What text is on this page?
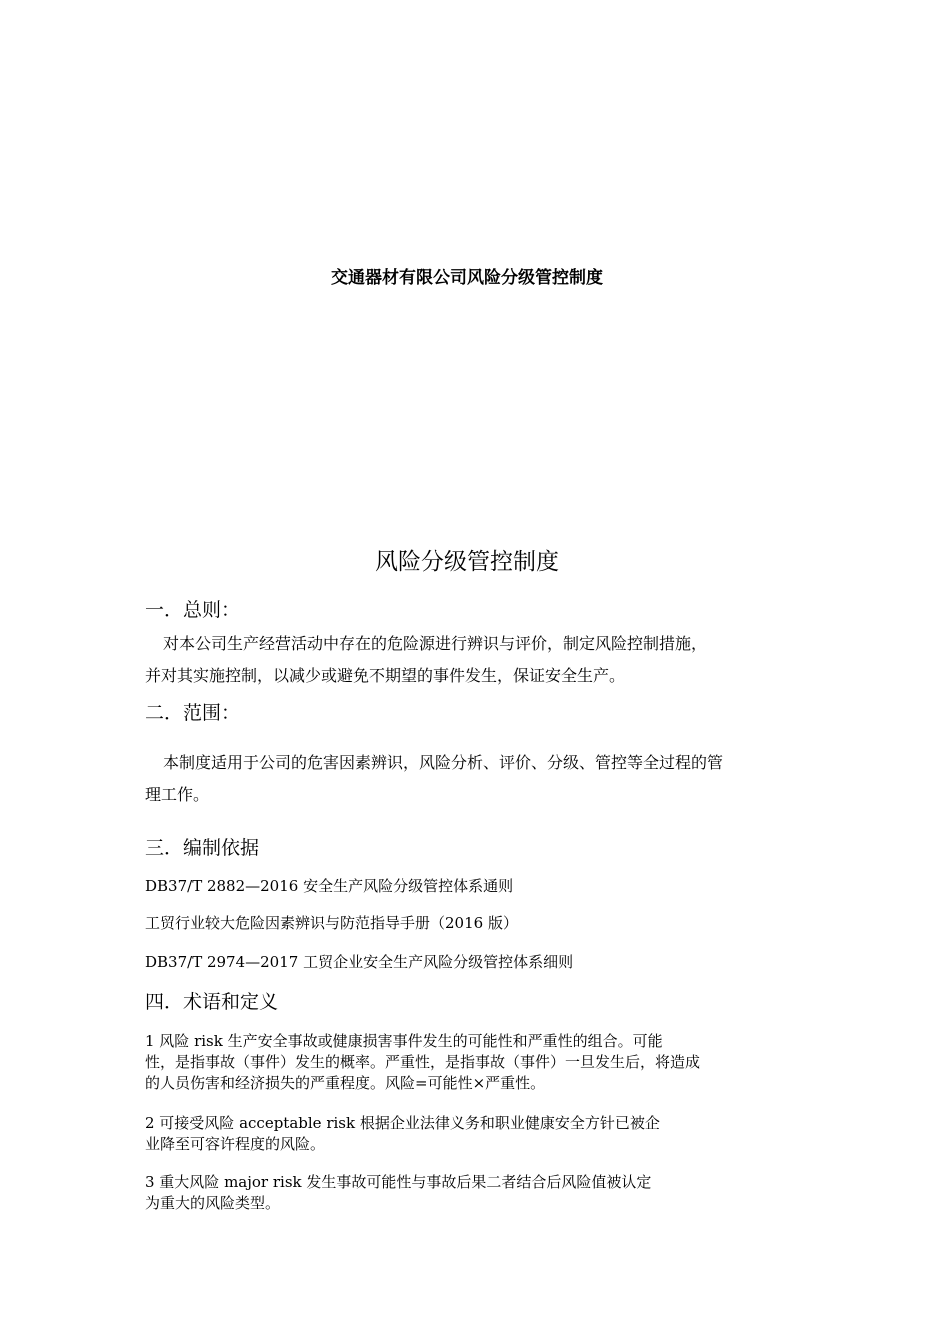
交通器材有限公司风险分级管控制度
风险分级管控制度
一．总则：
对本公司生产经营活动中存在的危险源进行辨识与评价，制定风险控制措施，
并对其实施控制，以减少或避免不期望的事件发生，保证安全生产。
二．范围：
本制度适用于公司的危害因素辨识，风险分析、评价、分级、管控等全过程的管
理工作。
三．编制依据
DB37/T 2882—2016 安全生产风险分级管控体系通则
工贸行业较大危险因素辨识与防范指导手册（2016 版）
DB37/T 2974—2017 工贸企业安全生产风险分级管控体系细则
四．术语和定义
1 风险 risk 生产安全事故或健康损害事件发生的可能性和严重性的组合。可能
性，是指事故（事件）发生的概率。严重性，是指事故（事件）一旦发生后，将造成
的人员伤害和经济损失的严重程度。风险=可能性×严重性。
2 可接受风险 acceptable risk 根据企业法律义务和职业健康安全方针已被企
业降至可容许程度的风险。
3 重大风险 major risk 发生事故可能性与事故后果二者结合后风险值被认定
为重大的风险类型。
